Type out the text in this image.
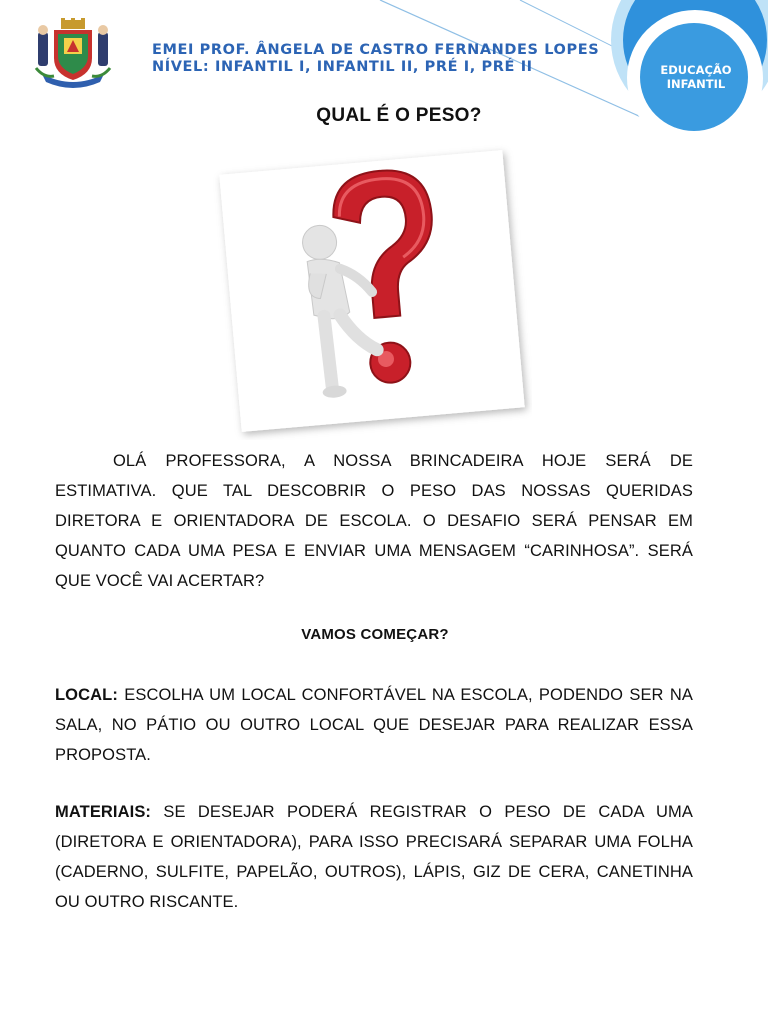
EMEI PROF. ÂNGELA DE CASTRO FERNANDES LOPES
NÍVEL: INFANTIL I, INFANTIL II, PRÉ I, PRÉ II	EDUCAÇÃO
INFANTIL
QUAL É O PESO?
OLÁ PROFESSORA, A NOSSA BRINCADEIRA HOJE SERÁ DE ESTIMATIVA. QUE TAL DESCOBRIR O PESO DAS NOSSAS QUERIDAS DIRETORA E ORIENTADORA DE ESCOLA. O DESAFIO SERÁ PENSAR EM QUANTO CADA UMA PESA E ENVIAR UMA MENSAGEM “CARINHOSA”. SERÁ QUE VOCÊ VAI ACERTAR?
VAMOS COMEÇAR?
LOCAL: ESCOLHA UM LOCAL CONFORTÁVEL NA ESCOLA, PODENDO SER NA SALA, NO PÁTIO OU OUTRO LOCAL QUE DESEJAR PARA REALIZAR ESSA PROPOSTA.
MATERIAIS: SE DESEJAR PODERÁ REGISTRAR O PESO DE CADA UMA (DIRETORA E ORIENTADORA), PARA ISSO PRECISARÁ SEPARAR UMA FOLHA (CADERNO, SULFITE, PAPELÃO, OUTROS), LÁPIS, GIZ DE CERA, CANETINHA OU OUTRO RISCANTE.
